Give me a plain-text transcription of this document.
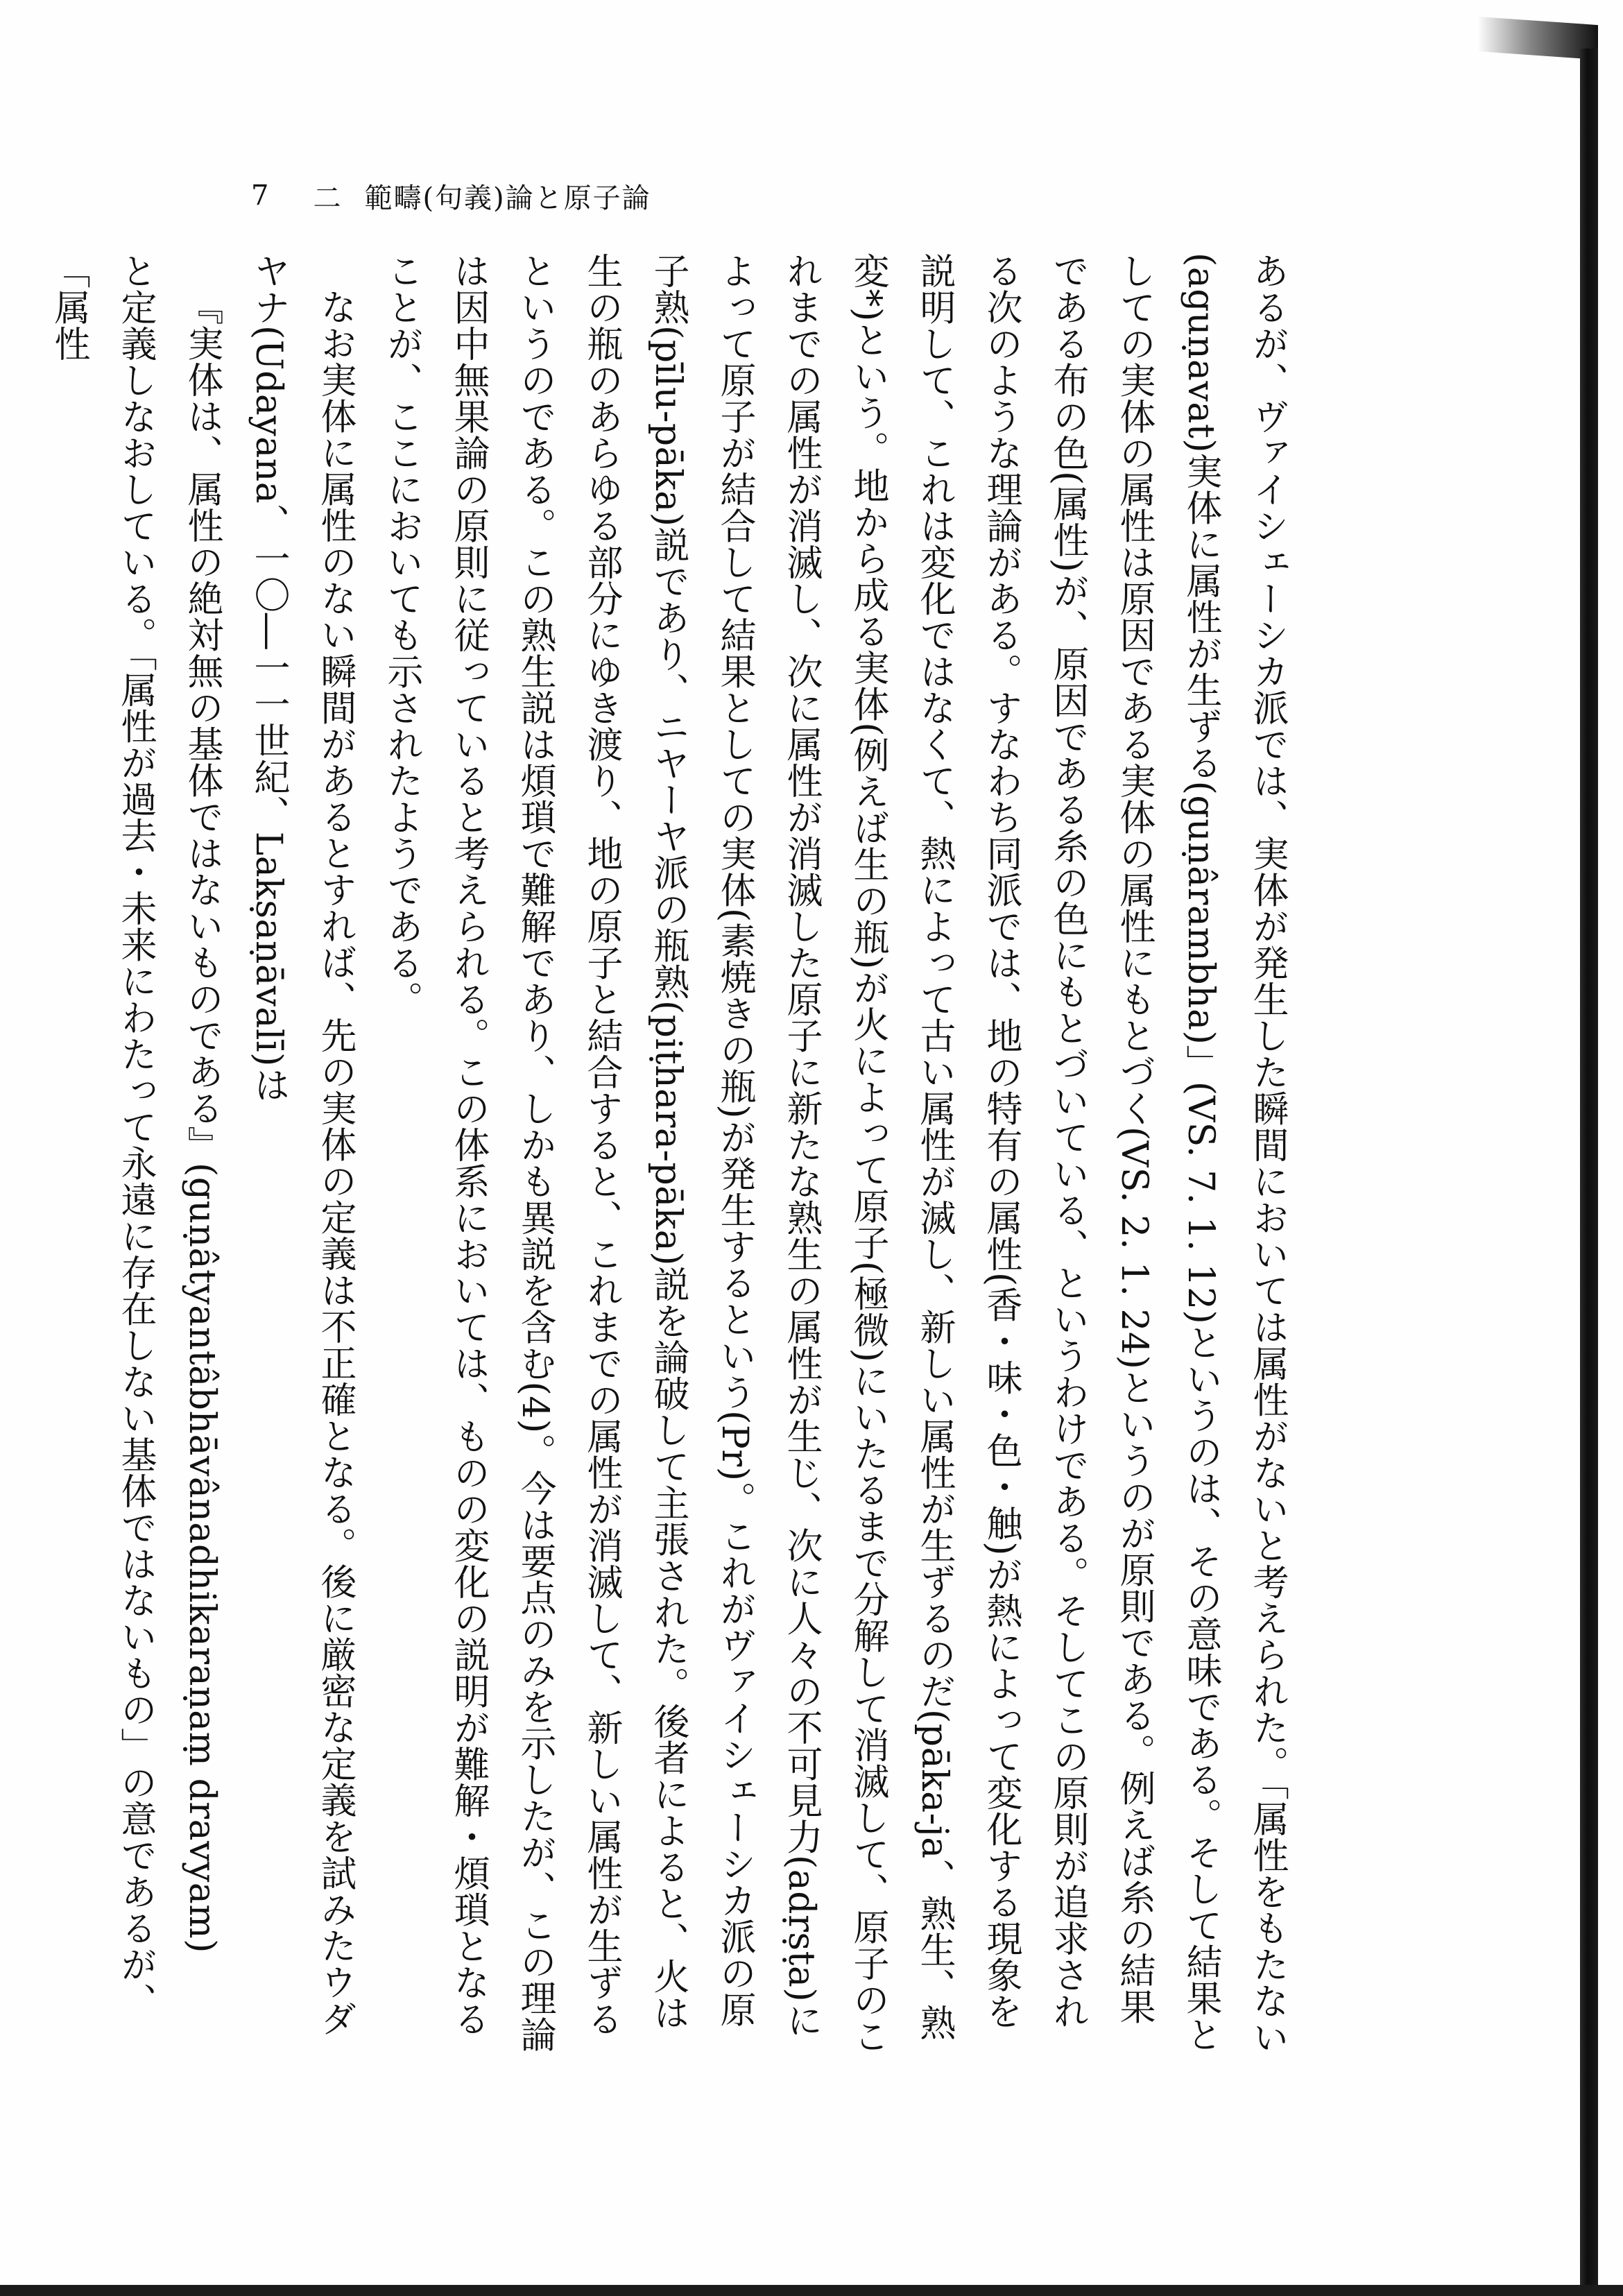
7 二 範疇(句義)論と原子論

あるが、ヴァイシェーシカ派では、実体が発生した瞬間においては属性がないと考えられた。「属性をもたない(aguṇavat)実体に属性が生ずる(guṇârambha)」(VS. 7. 1. 12)というのは、その意味である。そして結果としての実体の属性は原因である実体の属性にもとづく(VS. 2. 1. 24)というのが原則である。例えば糸の結果である布の色(属性)が、原因である糸の色にもとづいている、というわけである。そしてこの原則が追求される次のような理論がある。すなわち同派では、地の特有の属性(香・味・色・触)が熱によって変化する現象を説明して、これは変化ではなくて、熱によって古い属性が滅し、新しい属性が生ずるのだ(pāka-ja、熟生、熟変*)という。地から成る実体(例えば生の瓶)が火によって原子(極微)にいたるまで分解して消滅して、原子のこれまでの属性が消滅し、次に属性が消滅した原子に新たな熟生の属性が生じ、次に人々の不可見力(adṛṣṭa)によって原子が結合して結果としての実体(素焼きの瓶)が発生するという(Pr)。これがヴァイシェーシカ派の原子熟(pīlu-pāka)説であり、ニヤーヤ派の瓶熟(piṭhara-pāka)説を論破して主張された。後者によると、火は生の瓶のあらゆる部分にゆき渡り、地の原子と結合すると、これまでの属性が消滅して、新しい属性が生ずるというのである。この熟生説は煩瑣で難解であり、しかも異説を含む(4)。今は要点のみを示したが、この理論は因中無果論の原則に従っていると考えられる。この体系においては、ものの変化の説明が難解・煩瑣となることが、ここにおいても示されたようである。

なお実体に属性のない瞬間があるとすれば、先の実体の定義は不正確となる。後に厳密な定義を試みたウダヤナ(Udayana、一〇―一一世紀、Lakṣaṇāvalī)は

『実体は、属性の絶対無の基体ではないものである』(guṇâtyantâbhāvânadhikaraṇaṃ dravyam)

と定義しなおしている。「属性が過去・未来にわたって永遠に存在しない基体ではないもの」の意であるが、「属性
